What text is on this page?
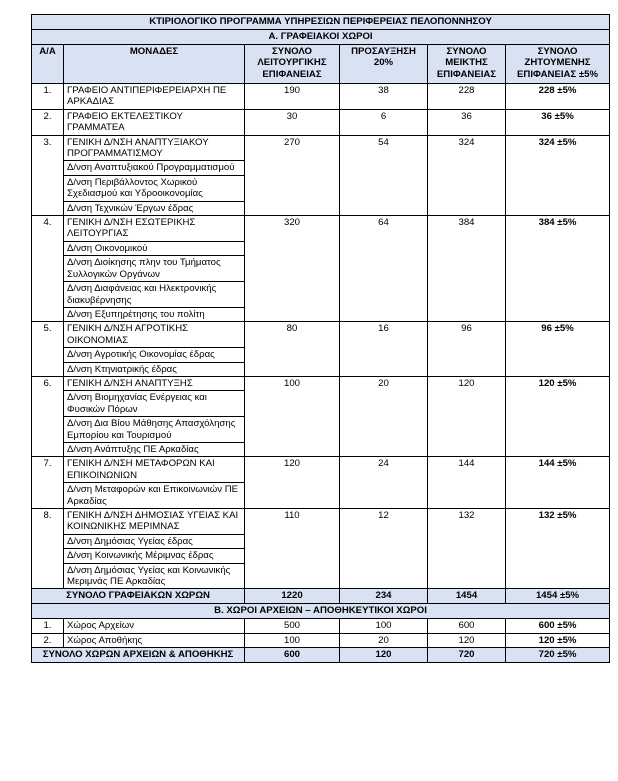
ΚΤΙΡΙΟΛΟΓΙΚΟ ΠΡΟΓΡΑΜΜΑ ΥΠΗΡΕΣΙΩΝ ΠΕΡΙΦΕΡΕΙΑΣ ΠΕΛΟΠΟΝΝΗΣΟΥ					
Α. ΓΡΑΦΕΙΑΚΟΙ ΧΩΡΟΙ					
Α/Α	ΜΟΝΑΔΕΣ	ΣΥΝΟΛΟ ΛΕΙΤΟΥΡΓΙΚΗΣ ΕΠΙΦΑΝΕΙΑΣ	ΠΡΟΣΑΥΞΗΣΗ 20%	ΣΥΝΟΛΟ ΜΕΙΚΤΗΣ ΕΠΙΦΑΝΕΙΑΣ	ΣΥΝΟΛΟ ΖΗΤΟΥΜΕΝΗΣ ΕΠΙΦΑΝΕΙΑΣ ±5%
1.	ΓΡΑΦΕΙΟ ΑΝΤΙΠΕΡΙΦΕΡΕΙΑΡΧΗ ΠΕ ΑΡΚΑΔΙΑΣ	190	38	228	228 ±5%
2.	ΓΡΑΦΕΙΟ ΕΚΤΕΛΕΣΤΙΚΟΥ ΓΡΑΜΜΑΤΕΑ	30	6	36	36 ±5%
3.	ΓΕΝΙΚΗ Δ/ΝΣΗ ΑΝΑΠΤΥΞΙΑΚΟΥ ΠΡΟΓΡΑΜΜΑΤΙΣΜΟΥ	270	54	324	324 ±5%
	Δ/νση Αναπτυξιακού Προγραμματισμού				
	Δ/νση Περιβάλλοντος Χωρικού Σχεδιασμού και Υδροοικονομίας				
	Δ/νση Τεχνικών Έργων έδρας				
4.	ΓΕΝΙΚΗ Δ/ΝΣΗ ΕΣΩΤΕΡΙΚΗΣ ΛΕΙΤΟΥΡΓΙΑΣ	320	64	384	384 ±5%
	Δ/νση Οικονομικού				
	Δ/νση Διοίκησης πλην του Τμήματος Συλλογικών Οργάνων				
	Δ/νση Διαφάνειας και Ηλεκτρονικής διακυβέρνησης				
	Δ/νση Εξυπηρέτησης του πολίτη				
5.	ΓΕΝΙΚΗ Δ/ΝΣΗ ΑΓΡΟΤΙΚΗΣ ΟΙΚΟΝΟΜΙΑΣ	80	16	96	96 ±5%
	Δ/νση Αγροτικής Οικονομίας έδρας				
	Δ/νση Κτηνιατρικής έδρας				
6.	ΓΕΝΙΚΗ Δ/ΝΣΗ ΑΝΑΠΤΥΞΗΣ	100	20	120	120 ±5%
	Δ/νση Βιομηχανίας Ενέργειας και Φυσικών Πόρων				
	Δ/νση Δια Βίου Μάθησης Απασχόλησης Εμπορίου και Τουρισμού				
	Δ/νση Ανάπτυξης ΠΕ Αρκαδίας				
7.	ΓΕΝΙΚΗ Δ/ΝΣΗ ΜΕΤΑΦΟΡΩΝ ΚΑΙ ΕΠΙΚΟΙΝΩΝΙΩΝ	120	24	144	144 ±5%
	Δ/νση Μεταφορών και Επικοινωνιών ΠΕ Αρκαδίας				
8.	ΓΕΝΙΚΗ Δ/ΝΣΗ ΔΗΜΟΣΙΑΣ ΥΓΕΙΑΣ ΚΑΙ ΚΟΙΝΩΝΙΚΗΣ ΜΕΡΙΜΝΑΣ	110	12	132	132 ±5%
	Δ/νση Δημόσιας Υγείας έδρας				
	Δ/νση Κοινωνικής Μέριμνας έδρας				
	Δ/νση Δημόσιας Υγείας και Κοινωνικής Μεριμνάς ΠΕ Αρκαδίας				
ΣΥΝΟΛΟ ΓΡΑΦΕΙΑΚΩΝ ΧΩΡΩΝ		1220	234	1454	1454 ±5%
Β. ΧΩΡΟΙ ΑΡΧΕΙΩΝ – ΑΠΟΘΗΚΕΥΤΙΚΟΙ ΧΩΡΟΙ					
1.	Χώρος Αρχείων	500	100	600	600 ±5%
2.	Χώρος Αποθήκης	100	20	120	120 ±5%
ΣΥΝΟΛΟ ΧΩΡΩΝ ΑΡΧΕΙΩΝ & ΑΠΟΘΗΚΗΣ		600	120	720	720 ±5%
